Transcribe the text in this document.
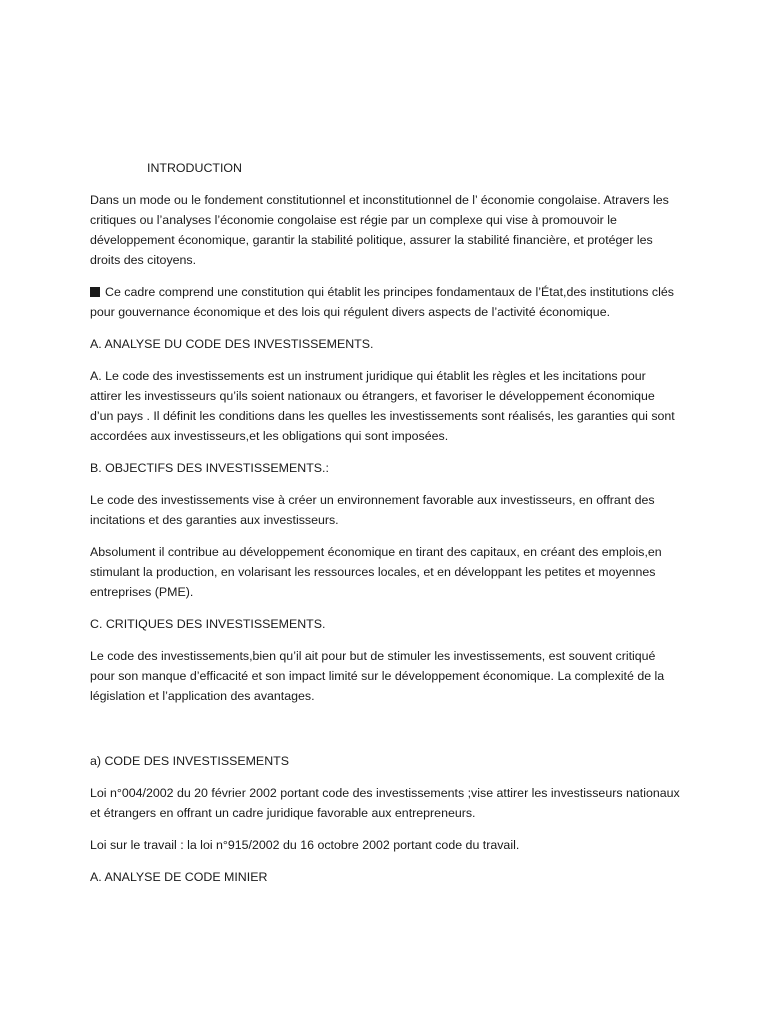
INTRODUCTION

Dans un mode ou le fondement constitutionnel et inconstitutionnel de l’ économie congolaise. Atravers les critiques ou l’analyses l’économie congolaise est régie par un complexe qui vise à promouvoir le développement économique, garantir la stabilité politique, assurer la stabilité financière, et protéger les droits des citoyens.

Ce cadre comprend une constitution qui établit les principes fondamentaux de l’État,des institutions clés pour gouvernance économique et des lois qui régulent divers aspects de l’activité économique.

A. ANALYSE DU CODE DES INVESTISSEMENTS.

A. Le code des investissements est un instrument juridique qui établit les règles et les incitations pour attirer les investisseurs qu’ils soient nationaux ou étrangers, et favoriser le développement économique d’un pays . Il définit les conditions dans les quelles les investissements sont réalisés, les garanties qui sont accordées aux investisseurs,et les obligations qui sont imposées.

B. OBJECTIFS DES INVESTISSEMENTS.:

Le code des investissements vise à créer un environnement favorable aux investisseurs, en offrant des incitations et des garanties aux investisseurs.

Absolument il contribue au développement économique en tirant des capitaux, en créant des emplois,en stimulant la production, en volarisant les ressources locales, et en développant les petites et moyennes entreprises (PME).

C. CRITIQUES DES INVESTISSEMENTS.

Le code des investissements,bien qu’il ait pour but de stimuler les investissements, est souvent critiqué pour son manque d’efficacité et son impact limité sur le développement économique. La complexité de la législation et l’application des avantages.

a) CODE DES INVESTISSEMENTS

Loi n°004/2002 du 20 février 2002 portant code des investissements ;vise attirer les investisseurs nationaux et étrangers en offrant un cadre juridique favorable aux entrepreneurs.

Loi sur le travail : la loi n°915/2002 du 16 octobre 2002 portant code du travail.

A. ANALYSE DE CODE MINIER
